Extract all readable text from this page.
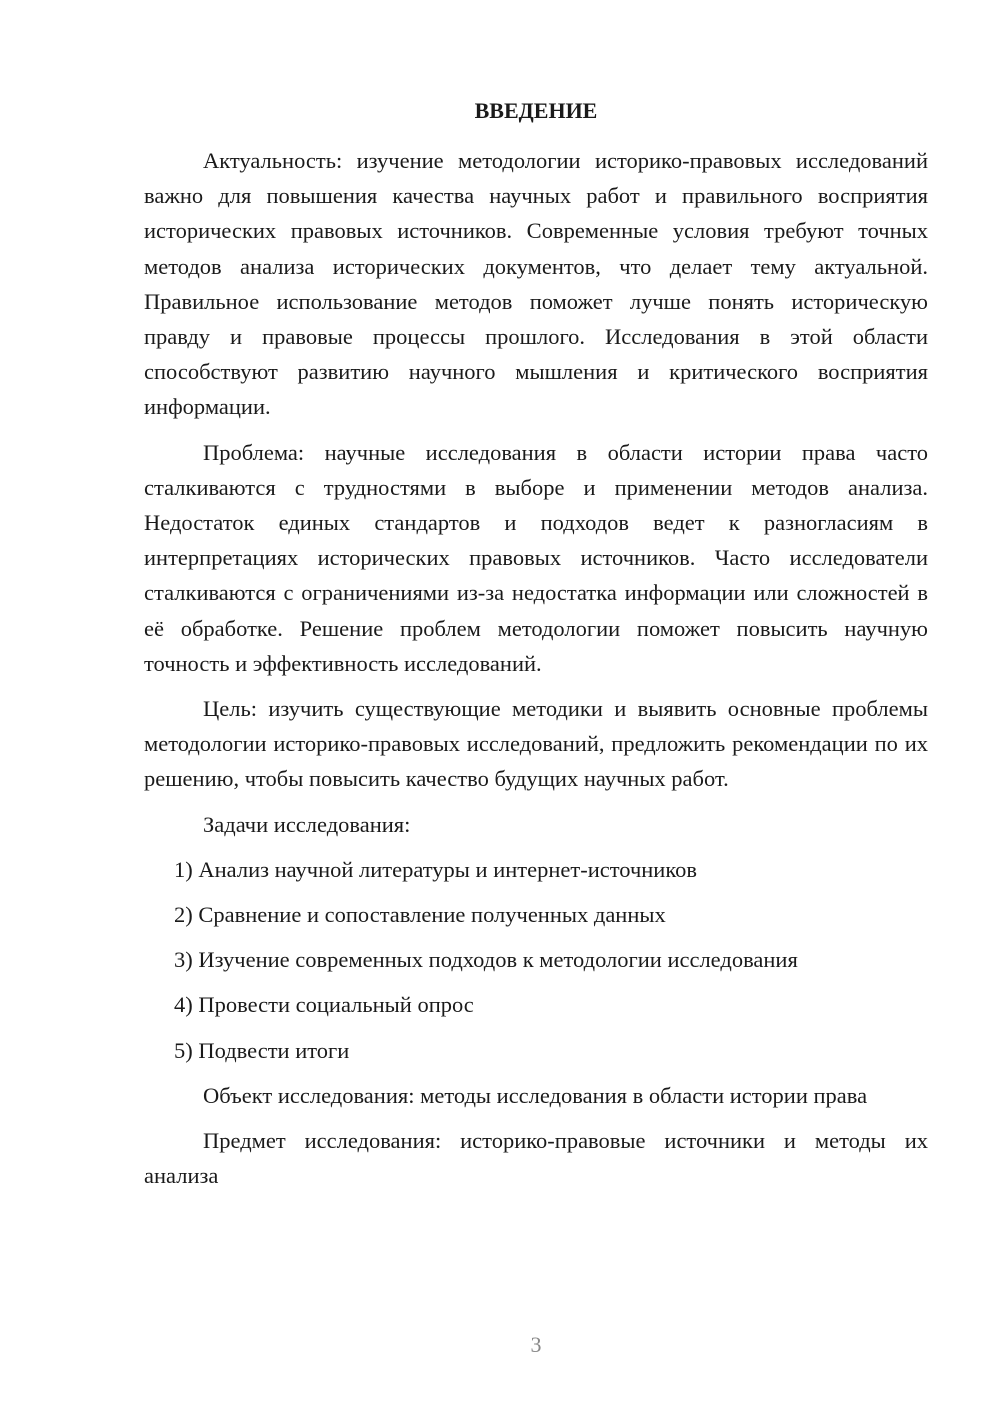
ВВЕДЕНИЕ

Актуальность: изучение методологии историко-правовых исследований важно для повышения качества научных работ и правильного восприятия исторических правовых источников. Современные условия требуют точных методов анализа исторических документов, что делает тему актуальной. Правильное использование методов поможет лучше понять историческую правду и правовые процессы прошлого. Исследования в этой области способствуют развитию научного мышления и критического восприятия информации.

Проблема: научные исследования в области истории права часто сталкиваются с трудностями в выборе и применении методов анализа. Недостаток единых стандартов и подходов ведет к разногласиям в интерпретациях исторических правовых источников. Часто исследователи сталкиваются с ограничениями из-за недостатка информации или сложностей в её обработке. Решение проблем методологии поможет повысить научную точность и эффективность исследований.

Цель: изучить существующие методики и выявить основные проблемы методологии историко-правовых исследований, предложить рекомендации по их решению, чтобы повысить качество будущих научных работ.

Задачи исследования:

1) Анализ научной литературы и интернет-источников
2) Сравнение и сопоставление полученных данных
3) Изучение современных подходов к методологии исследования
4) Провести социальный опрос
5) Подвести итоги

Объект исследования: методы исследования в области истории права

Предмет исследования: историко-правовые источники и методы их анализа

3
